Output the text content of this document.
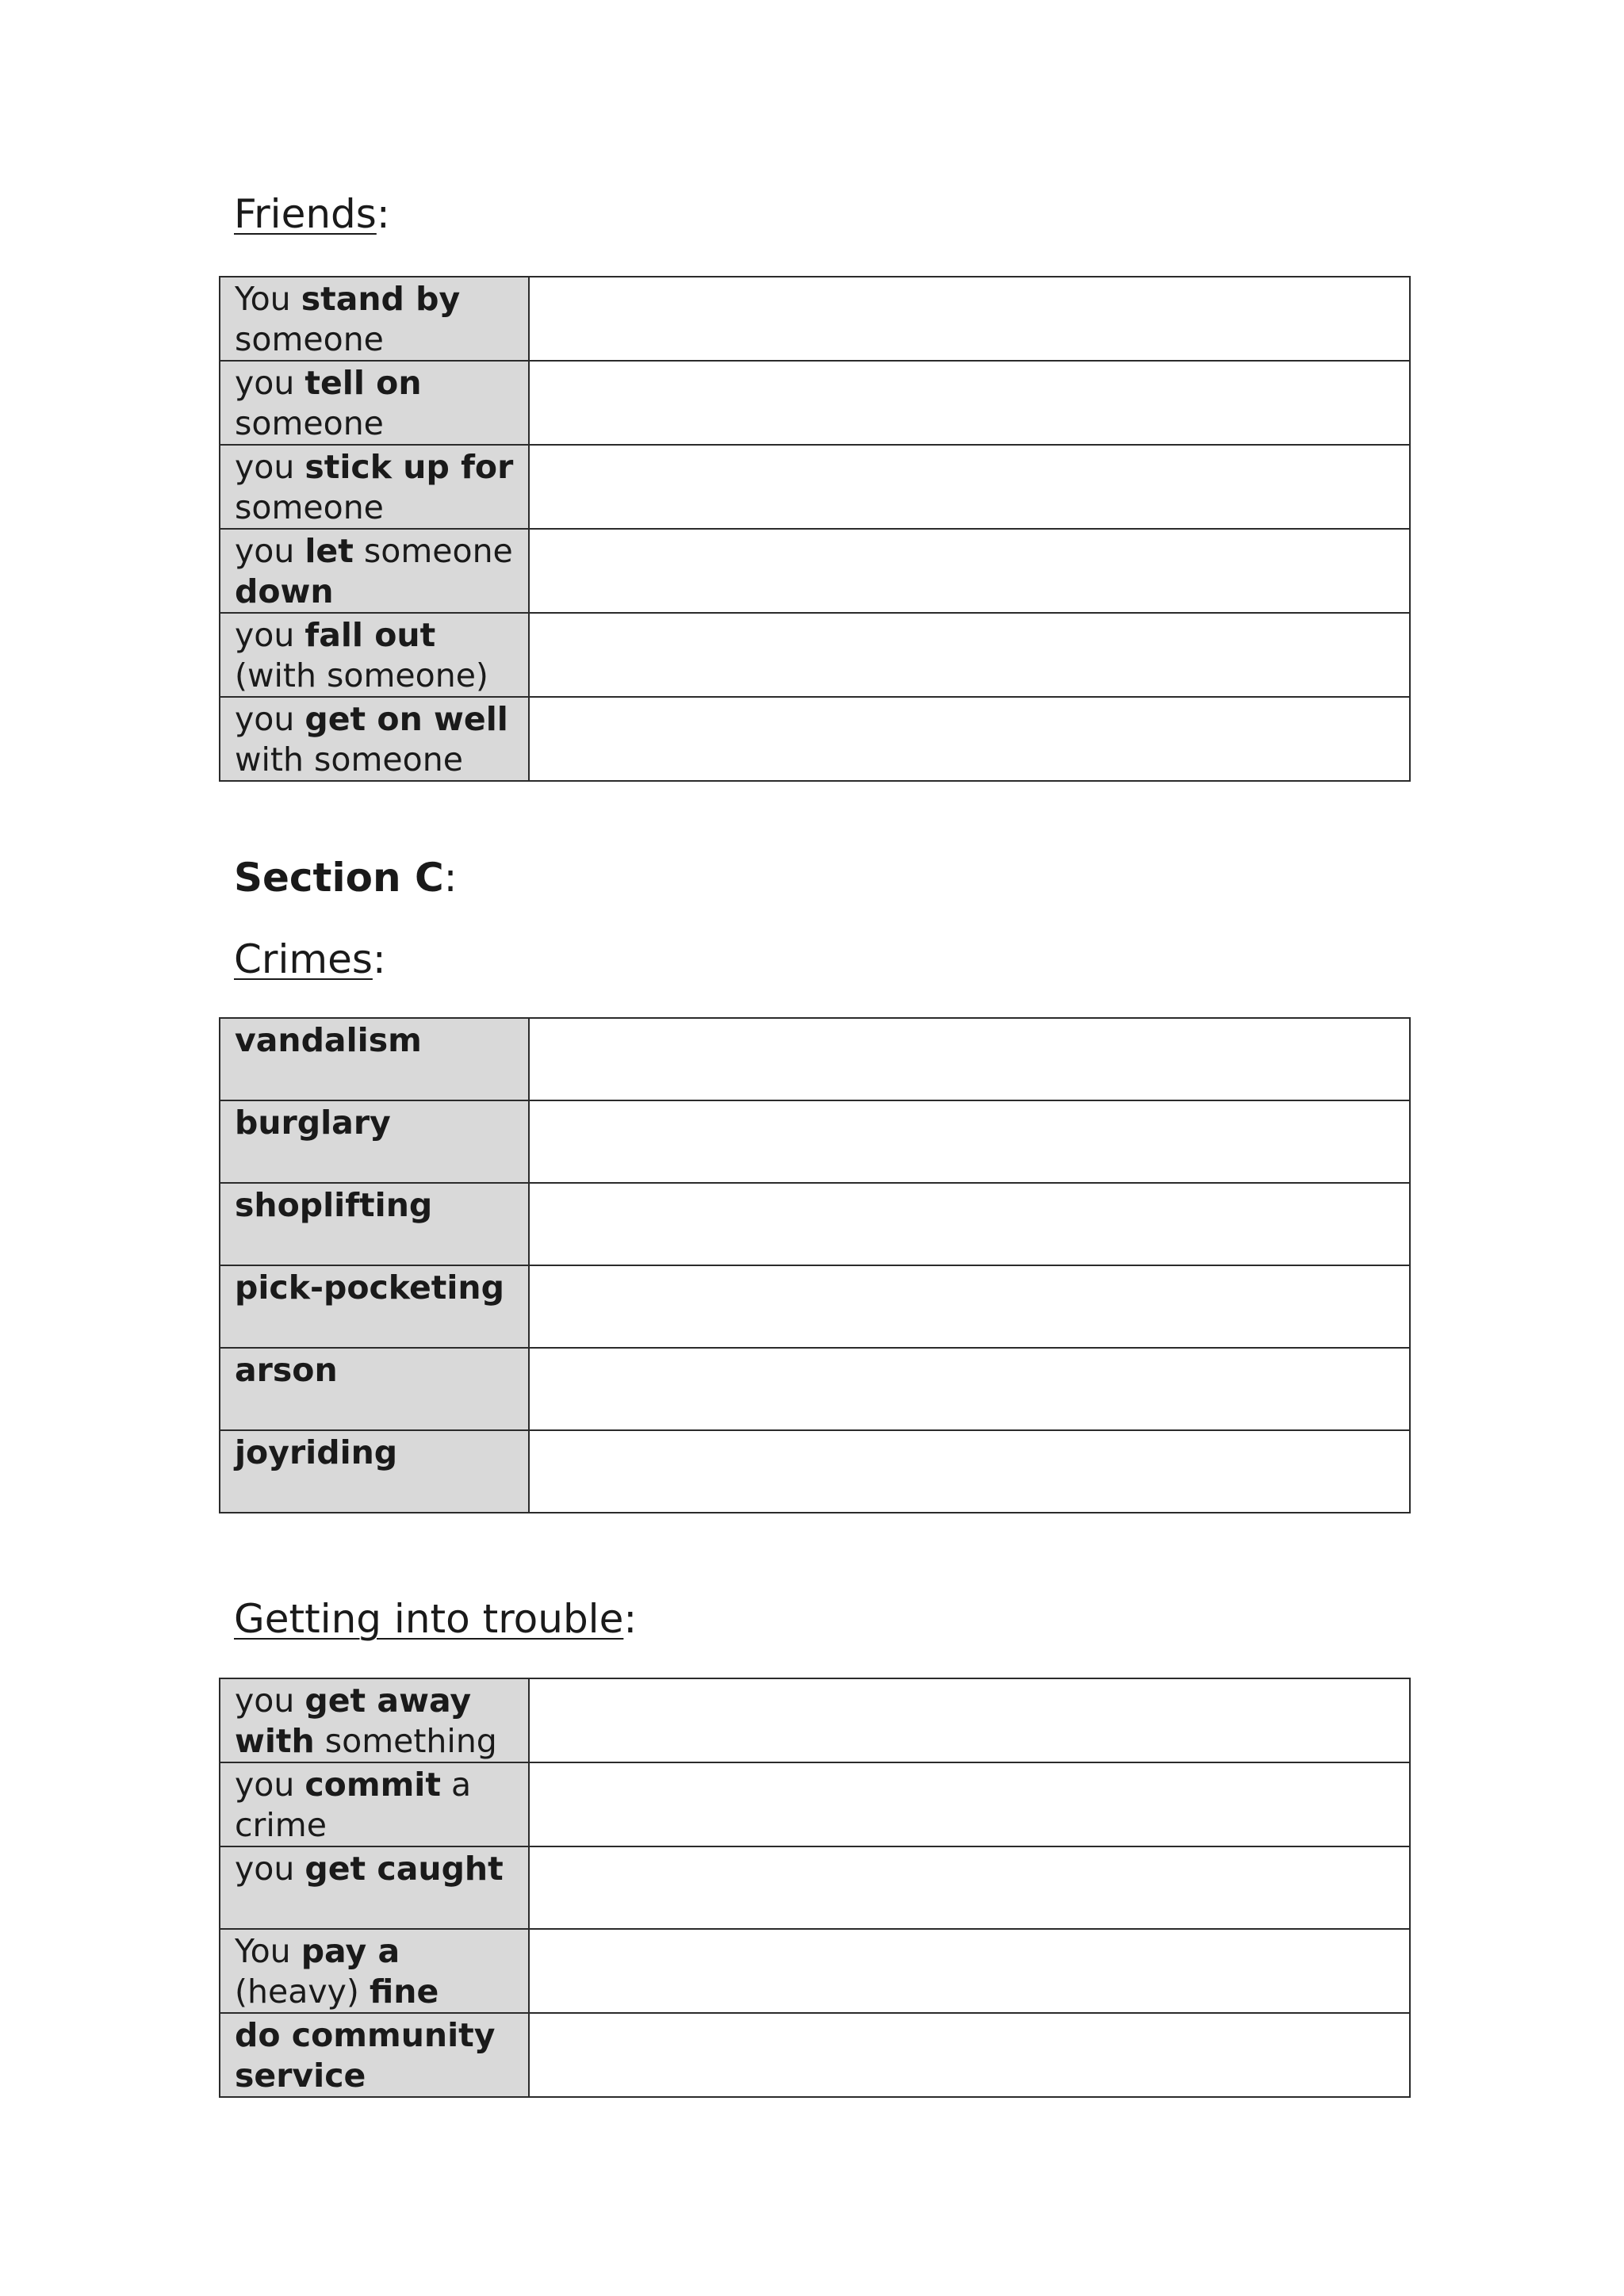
Friends:
You stand by someone	
you tell on someone	
you stick up for someone	
you let someone down	
you fall out (with someone)	
you get on well with someone	
Section C:
Crimes:
vandalism	
burglary	
shoplifting	
pick-pocketing	
arson	
joyriding	
Getting into trouble:
you get away with something	
you commit a crime	
you get caught	
You pay a (heavy) fine	
do community service	
